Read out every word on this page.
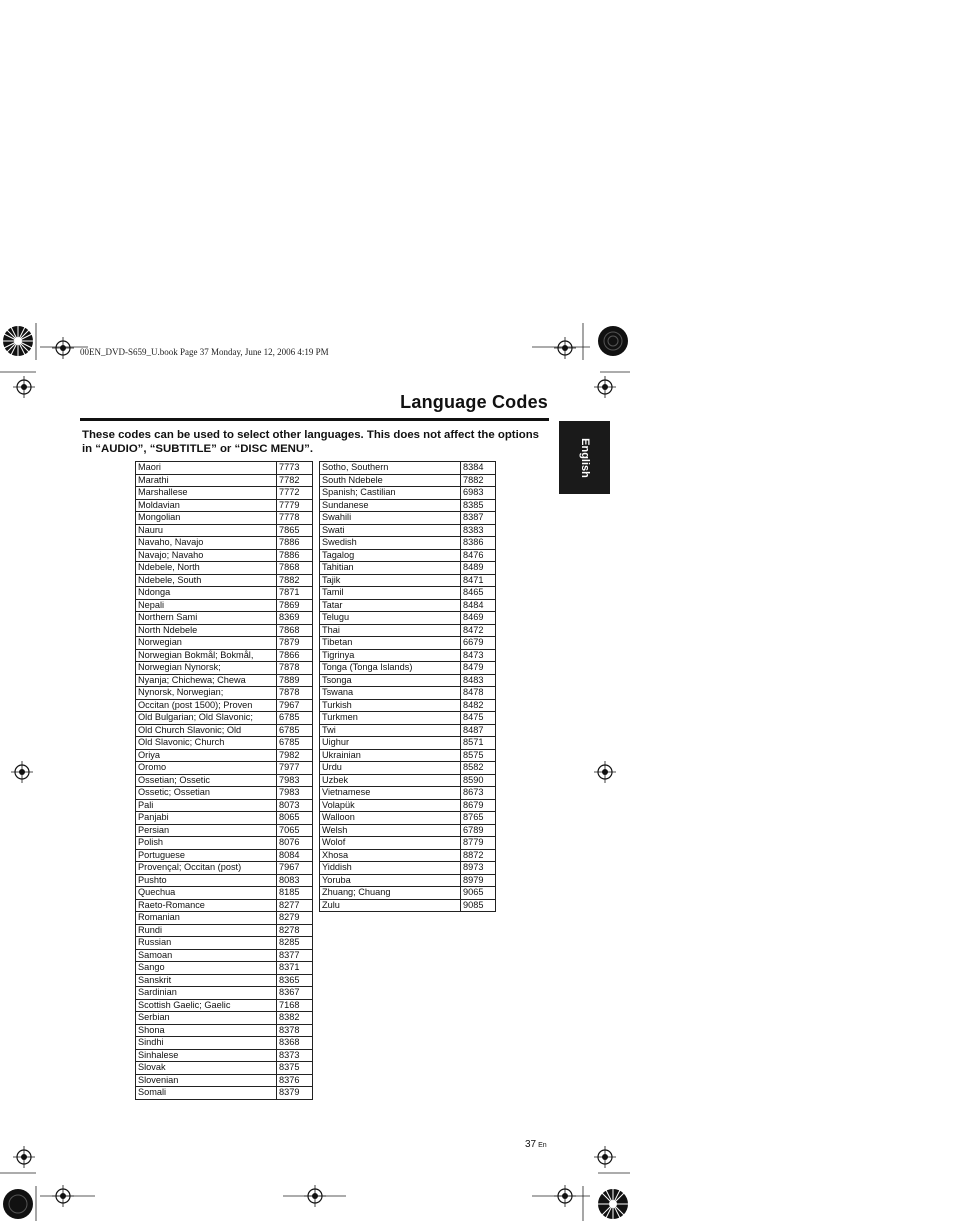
00EN_DVD-S659_U.book Page 37 Monday, June 12, 2006 4:19 PM
Language Codes
English
These codes can be used to select other languages. This does not affect the options in “AUDIO”, “SUBTITLE” or “DISC MENU”.
Maori	7773
Marathi	7782
Marshallese	7772
Moldavian	7779
Mongolian	7778
Nauru	7865
Navaho, Navajo	7886
Navajo; Navaho	7886
Ndebele, North	7868
Ndebele, South	7882
Ndonga	7871
Nepali	7869
Northern Sami	8369
North Ndebele	7868
Norwegian	7879
Norwegian Bokmål; Bokmål,	7866
Norwegian Nynorsk;	7878
Nyanja; Chichewa; Chewa	7889
Nynorsk, Norwegian;	7878
Occitan (post 1500); Proven	7967
Old Bulgarian; Old Slavonic;	6785
Old Church Slavonic; Old	6785
Old Slavonic; Church	6785
Oriya	7982
Oromo	7977
Ossetian; Ossetic	7983
Ossetic; Ossetian	7983
Pali	8073
Panjabi	8065
Persian	7065
Polish	8076
Portuguese	8084
Provençal; Occitan (post)	7967
Pushto	8083
Quechua	8185
Raeto-Romance	8277
Romanian	8279
Rundi	8278
Russian	8285
Samoan	8377
Sango	8371
Sanskrit	8365
Sardinian	8367
Scottish Gaelic; Gaelic	7168
Serbian	8382
Shona	8378
Sindhi	8368
Sinhalese	8373
Slovak	8375
Slovenian	8376
Somali	8379
Sotho, Southern	8384
South Ndebele	7882
Spanish; Castilian	6983
Sundanese	8385
Swahili	8387
Swati	8383
Swedish	8386
Tagalog	8476
Tahitian	8489
Tajik	8471
Tamil	8465
Tatar	8484
Telugu	8469
Thai	8472
Tibetan	6679
Tigrinya	8473
Tonga (Tonga Islands)	8479
Tsonga	8483
Tswana	8478
Turkish	8482
Turkmen	8475
Twi	8487
Uighur	8571
Ukrainian	8575
Urdu	8582
Uzbek	8590
Vietnamese	8673
Volapük	8679
Walloon	8765
Welsh	6789
Wolof	8779
Xhosa	8872
Yiddish	8973
Yoruba	8979
Zhuang; Chuang	9065
Zulu	9085
37 En
